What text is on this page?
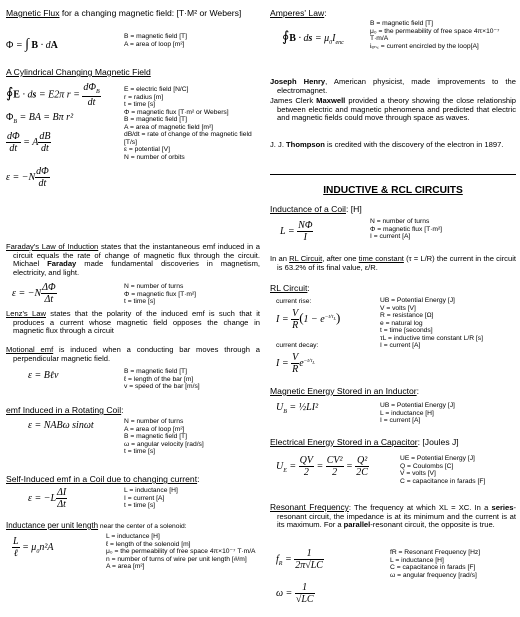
Magnetic Flux for a changing magnetic field: [T·M² or Webers]
Φ = ∫ B · dA
B = magnetic field [T]
A = area of loop [m²]
A Cylindrical Changing Magnetic Field
∮E · ds = E2π $r = \frac{d\Phi_B}{dt}$
$\Phi_B$ = BA = Bπ r²
$\frac{d\Phi}{dt} = A \frac{dB}{dt}$
$\varepsilon = -N \frac{d\Phi}{dt}$
E = electric field [N/C]
r = radius [m]
t = time [s]
Φ = magnetic flux [T·m² or Webers]
B = magnetic field [T]
A = area of magnetic field [m²]
dB/dt = rate of change of the magnetic field [T/s]
ε = potential [V]
N = number of orbits
Faraday's Law of Induction states that the instantaneous emf induced in a circuit equals the rate of change of magnetic flux through the circuit. Michael Faraday made fundamental discoveries in magnetism, electricity, and light.
$\varepsilon = -N \frac{\Delta\Phi}{\Delta t}$	N = number of turns
Φ = magnetic flux [T·m²]
t = time [s]
Lenz's Law states that the polarity of the induced emf is such that it produces a current whose magnetic field opposes the change in magnetic flux through a circuit
Motional emf is induced when a conducting bar moves through a perpendicular magnetic field.
ε = Bℓv	B = magnetic field [T]
ℓ = length of the bar [m]
v = speed of the bar [m/s]
emf Induced in a Rotating Coil:
ε = NABω sinωt	N = number of turns
A = area of loop [m²]
B = magnetic field [T]
ω = angular velocity [rad/s]
t = time [s]
Self-Induced emf in a Coil due to changing current:
$\varepsilon = -L \frac{\Delta I}{\Delta t}$	L = inductance [H]
I = current [A]
t = time [s]
Inductance per unit length near the center of a solenoid:
$\frac{L}{\text{ℓ}} = \mu_0n^2A$
L = inductance [H]
ℓ = length of the solenoid [m]
μ₀ = the permeability of free space 4π×10⁻⁷ T·m/A
n = number of turns of wire per unit length [#/m]
A = area [m²]
Amperes' Law:
∮B · ds = $\mu_0I_{enc}$
B = magnetic field [T]
μ₀ = the permeability of free space 4π×10⁻⁷ T·m/A
iₑₙ꜀ = current encircled by the loop[A]
Joseph Henry, American physicist, made improvements to the electromagnet.
James Clerk Maxwell provided a theory showing the close relationship between electric and magnetic phenomena and predicted that electric and magnetic fields could move through space as waves.
J. J. Thompson is credited with the discovery of the electron in 1897.
INDUCTIVE & RCL CIRCUITS
Inductance of a Coil: [H]
$L = \frac{N\Phi}{I}$	N = number of turns
Φ = magnetic flux [T·m²]
I = current [A]
In an RL Circuit, after one time constant (τ = L/R) the current in the circuit is 63.2% of its final value, ε/R.
RL Circuit:
current rise:
$I = \frac{V}{R} (1 - e^{-t/\tau_L})$
current decay:
$I = \frac{V}{R} e^{-t/\tau_L}$
UB = Potential Energy [J]
V = volts [V]
R = resistance [Ω]
e = natural log
t = time [seconds]
τL = inductive time constant L/R [s]
I = current [A]
Magnetic Energy Stored in an Inductor:
$U_B$ = ½LI²	UB = Potential Energy [J]
L = inductance [H]
I = current [A]
Electrical Energy Stored in a Capacitor: [Joules J]
$U_E = \frac{QV}{2} = \frac{\text{CV²}}{2} = \frac{\text{Q²}}{2C}$	UE = Potential Energy [J]
Q = Coulombs [C]
V = volts [V]
C = capacitance in farads [F]
Resonant Frequency: The frequency at which XL = XC. In a series-resonant circuit, the impedance is at its minimum and the current is at its maximum. For a parallel-resonant circuit, the opposite is true.
$f_R = \frac{1}{2\pi√LC}$
$\omega = \frac{1}{√LC}$
fR = Resonant Frequency [Hz]
L = inductance [H]
C = capacitance in farads [F]
ω = angular frequency [rad/s]
